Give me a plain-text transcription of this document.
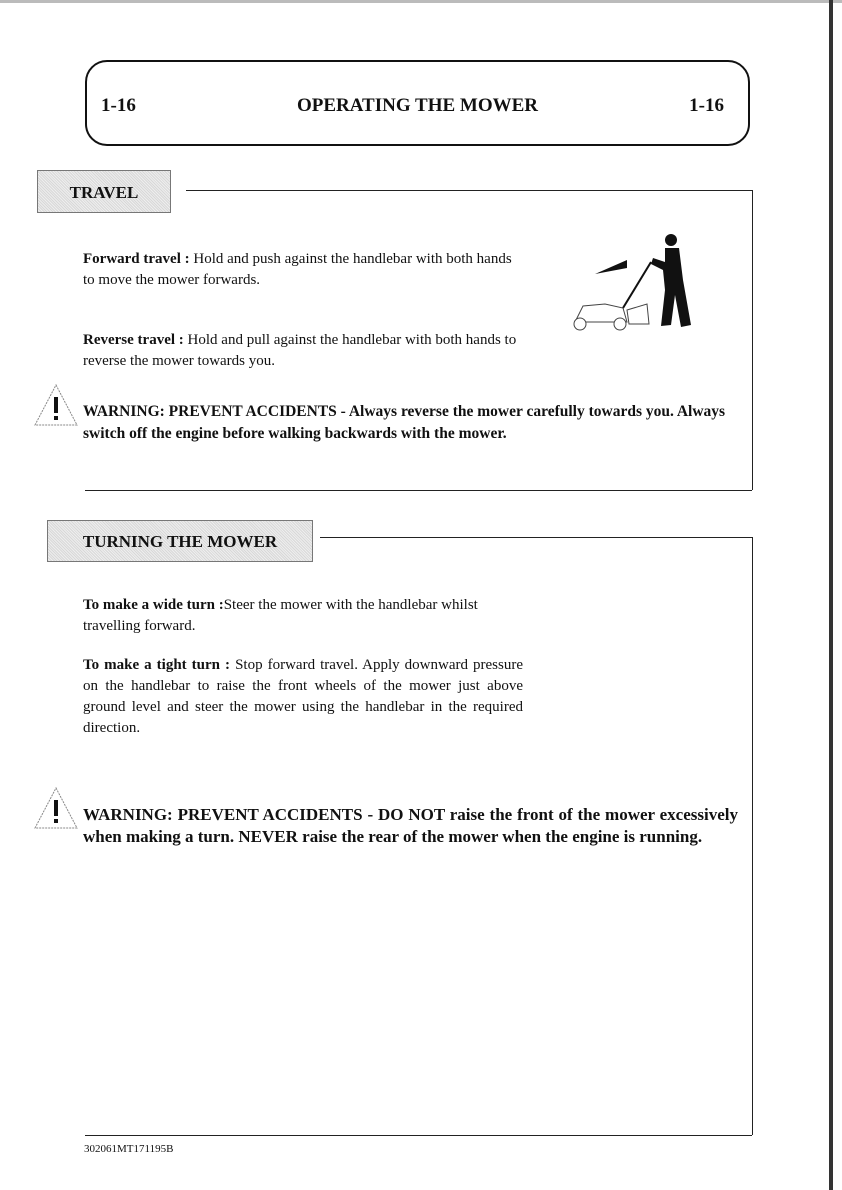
1-16	OPERATING THE MOWER	1-16
TRAVEL

Forward travel : Hold and push against the handlebar with both hands to move the mower forwards.

Reverse travel : Hold and pull against the handlebar with both hands to reverse the mower towards you.

WARNING: PREVENT ACCIDENTS - Always reverse the mower carefully towards you. Always switch off the engine before walking backwards with the mower.

TURNING THE MOWER

To make a wide turn :Steer the mower with the handlebar whilst travelling forward.

To make a tight turn : Stop forward travel. Apply downward pressure on the handlebar to raise the front wheels of the mower just above ground level and steer the mower using the handlebar in the required direction.

WARNING: PREVENT ACCIDENTS - DO NOT raise the front of the mower excessively when making a turn. NEVER raise the rear of the mower when the engine is running.

302061MT171195B
